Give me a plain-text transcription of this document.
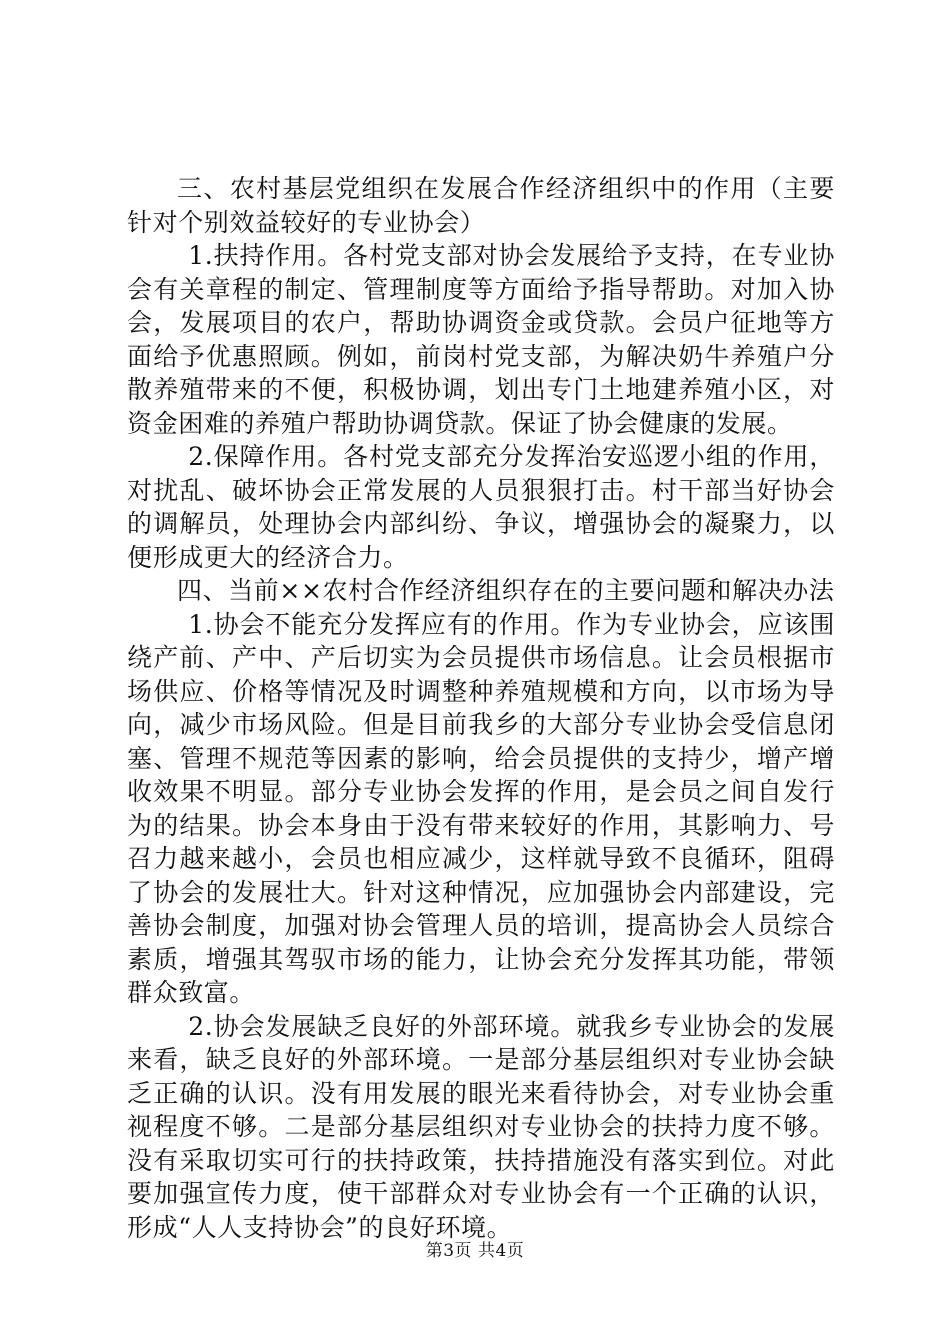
三、农村基层党组织在发展合作经济组织中的作用（主要针对个别效益较好的专业协会）

1.扶持作用。各村党支部对协会发展给予支持，在专业协会有关章程的制定、管理制度等方面给予指导帮助。对加入协会，发展项目的农户，帮助协调资金或贷款。会员户征地等方面给予优惠照顾。例如，前岗村党支部，为解决奶牛养殖户分散养殖带来的不便，积极协调，划出专门土地建养殖小区，对资金困难的养殖户帮助协调贷款。保证了协会健康的发展。

2.保障作用。各村党支部充分发挥治安巡逻小组的作用，对扰乱、破坏协会正常发展的人员狠狠打击。村干部当好协会的调解员，处理协会内部纠纷、争议，增强协会的凝聚力，以便形成更大的经济合力。

四、当前××农村合作经济组织存在的主要问题和解决办法

1.协会不能充分发挥应有的作用。作为专业协会，应该围绕产前、产中、产后切实为会员提供市场信息。让会员根据市场供应、价格等情况及时调整种养殖规模和方向，以市场为导向，减少市场风险。但是目前我乡的大部分专业协会受信息闭塞、管理不规范等因素的影响，给会员提供的支持少，增产增收效果不明显。部分专业协会发挥的作用，是会员之间自发行为的结果。协会本身由于没有带来较好的作用，其影响力、号召力越来越小，会员也相应减少，这样就导致不良循环，阻碍了协会的发展壮大。针对这种情况，应加强协会内部建设，完善协会制度，加强对协会管理人员的培训，提高协会人员综合素质，增强其驾驭市场的能力，让协会充分发挥其功能，带领群众致富。

2.协会发展缺乏良好的外部环境。就我乡专业协会的发展来看，缺乏良好的外部环境。一是部分基层组织对专业协会缺乏正确的认识。没有用发展的眼光来看待协会，对专业协会重视程度不够。二是部分基层组织对专业协会的扶持力度不够。没有采取切实可行的扶持政策，扶持措施没有落实到位。对此要加强宣传力度，使干部群众对专业协会有一个正确的认识，形成“人人支持协会”的良好环境。

第3页 共4页
